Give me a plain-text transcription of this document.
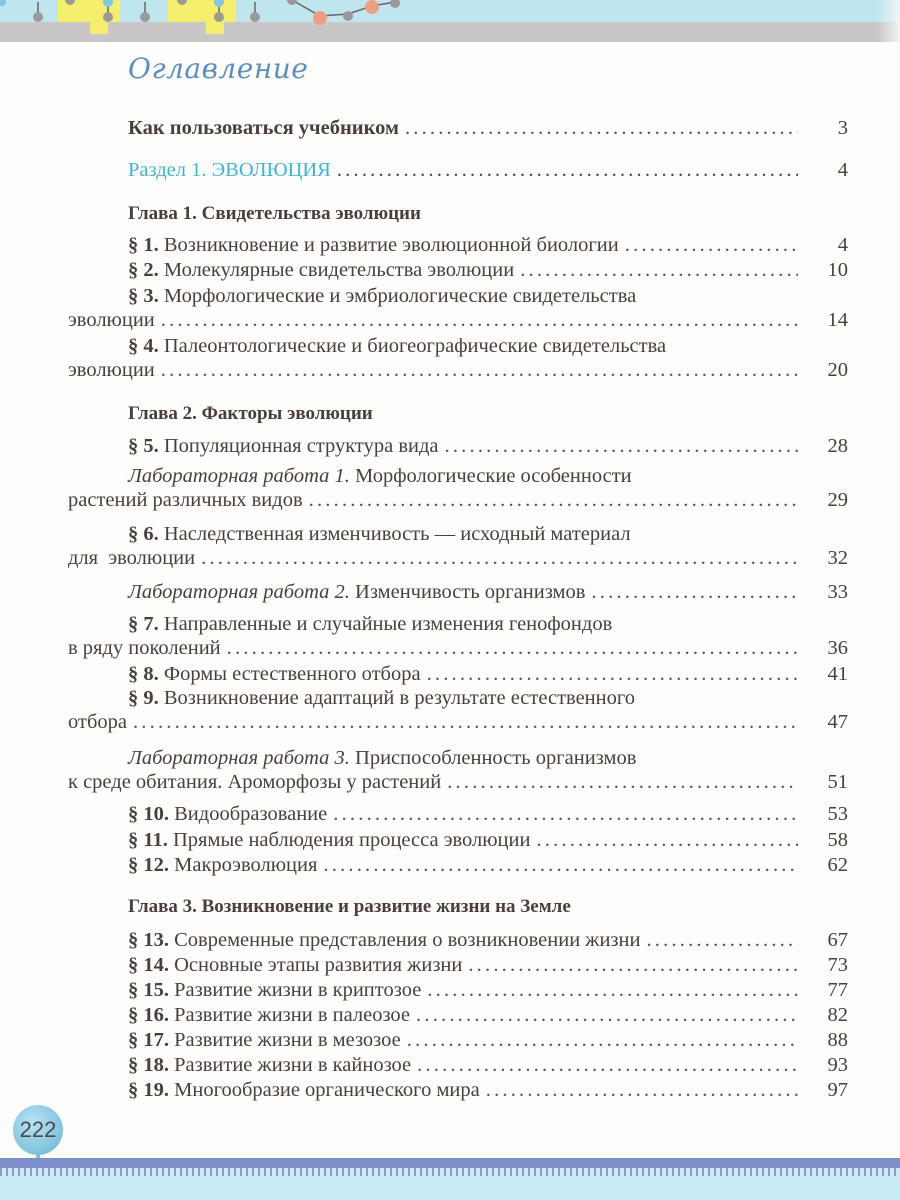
Оглавление
Как пользоваться учебником .....	3
Раздел 1. ЭВОЛЮЦИЯ .....	4
Глава 1. Свидетельства эволюции
§ 1. Возникновение и развитие эволюционной биологии .....	4
§ 2. Молекулярные свидетельства эволюции .....	10
§ 3. Морфологические и эмбриологические свидетельства
эволюции .....	14
§ 4. Палеонтологические и биогеографические свидетельства
эволюции .....	20
Глава 2. Факторы эволюции
§ 5. Популяционная структура вида .....	28
Лабораторная работа 1. Морфологические особенности
растений различных видов .....	29
§ 6. Наследственная изменчивость — исходный материал
для  эволюции .....	32
Лабораторная работа 2. Изменчивость организмов .....	33
§ 7. Направленные и случайные изменения генофондов
в ряду поколений .....	36
§ 8. Формы естественного отбора .....	41
§ 9. Возникновение адаптаций в результате естественного
отбора .....	47
Лабораторная работа 3. Приспособленность организмов
к среде обитания. Ароморфозы у растений .....	51
§ 10. Видообразование .....	53
§ 11. Прямые наблюдения процесса эволюции .....	58
§ 12. Макроэволюция .....	62
Глава 3. Возникновение и развитие жизни на Земле
§ 13. Современные представления о возникновении жизни .....	67
§ 14. Основные этапы развития жизни .....	73
§ 15. Развитие жизни в криптозое .....	77
§ 16. Развитие жизни в палеозое .....	82
§ 17. Развитие жизни в мезозое .....	88
§ 18. Развитие жизни в кайнозое .....	93
§ 19. Многообразие органического мира .....	97
222
